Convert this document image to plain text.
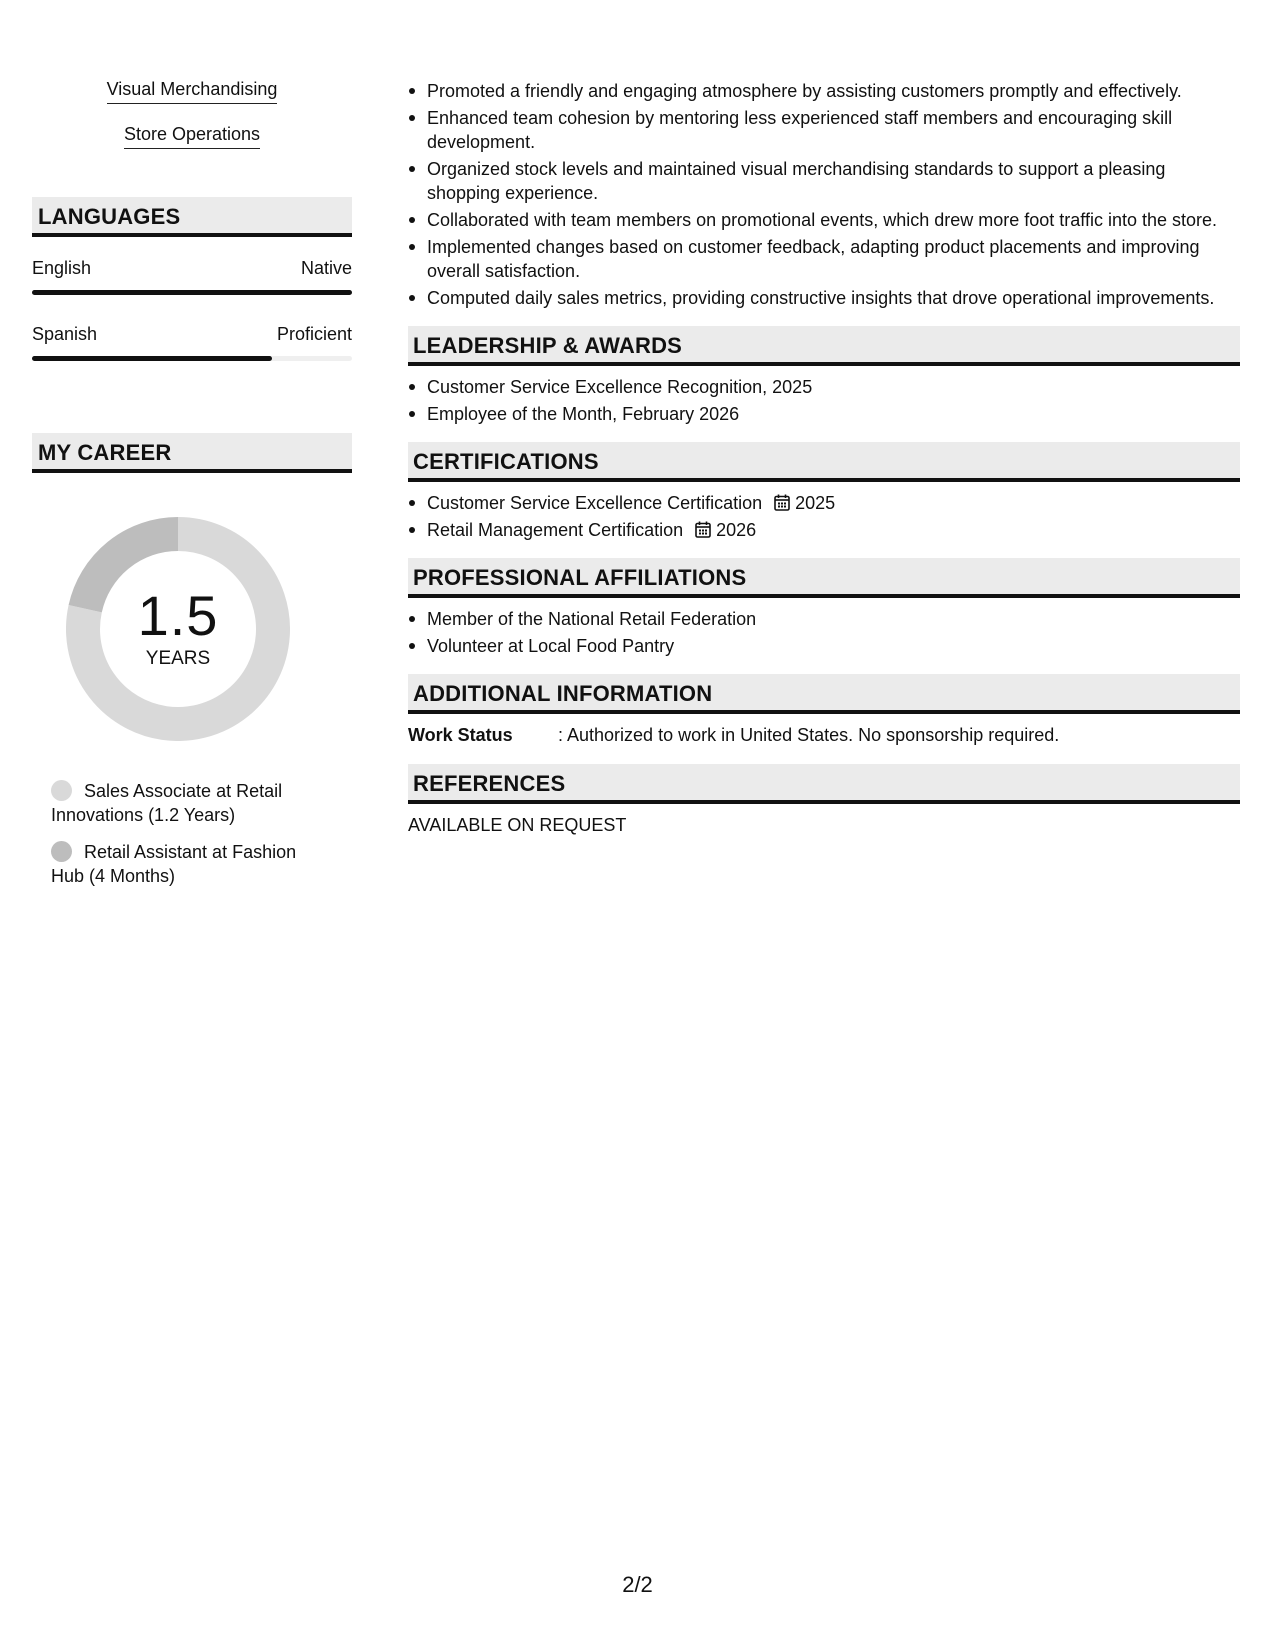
Visual Merchandising
Store Operations
LANGUAGES
English	Native
Spanish	Proficient
MY CAREER
1.5
YEARS
Sales Associate at Retail Innovations (1.2 Years)
Retail Assistant at Fashion Hub (4 Months)
Promoted a friendly and engaging atmosphere by assisting customers promptly and effectively.
Enhanced team cohesion by mentoring less experienced staff members and encouraging skill development.
Organized stock levels and maintained visual merchandising standards to support a pleasing shopping experience.
Collaborated with team members on promotional events, which drew more foot traffic into the store.
Implemented changes based on customer feedback, adapting product placements and improving overall satisfaction.
Computed daily sales metrics, providing constructive insights that drove operational improvements.
LEADERSHIP & AWARDS
Customer Service Excellence Recognition, 2025
Employee of the Month, February 2026
CERTIFICATIONS
Customer Service Excellence Certification 2025
Retail Management Certification 2026
PROFESSIONAL AFFILIATIONS
Member of the National Retail Federation
Volunteer at Local Food Pantry
ADDITIONAL INFORMATION
Work Status	: Authorized to work in United States. No sponsorship required.
REFERENCES
AVAILABLE ON REQUEST
2/2
